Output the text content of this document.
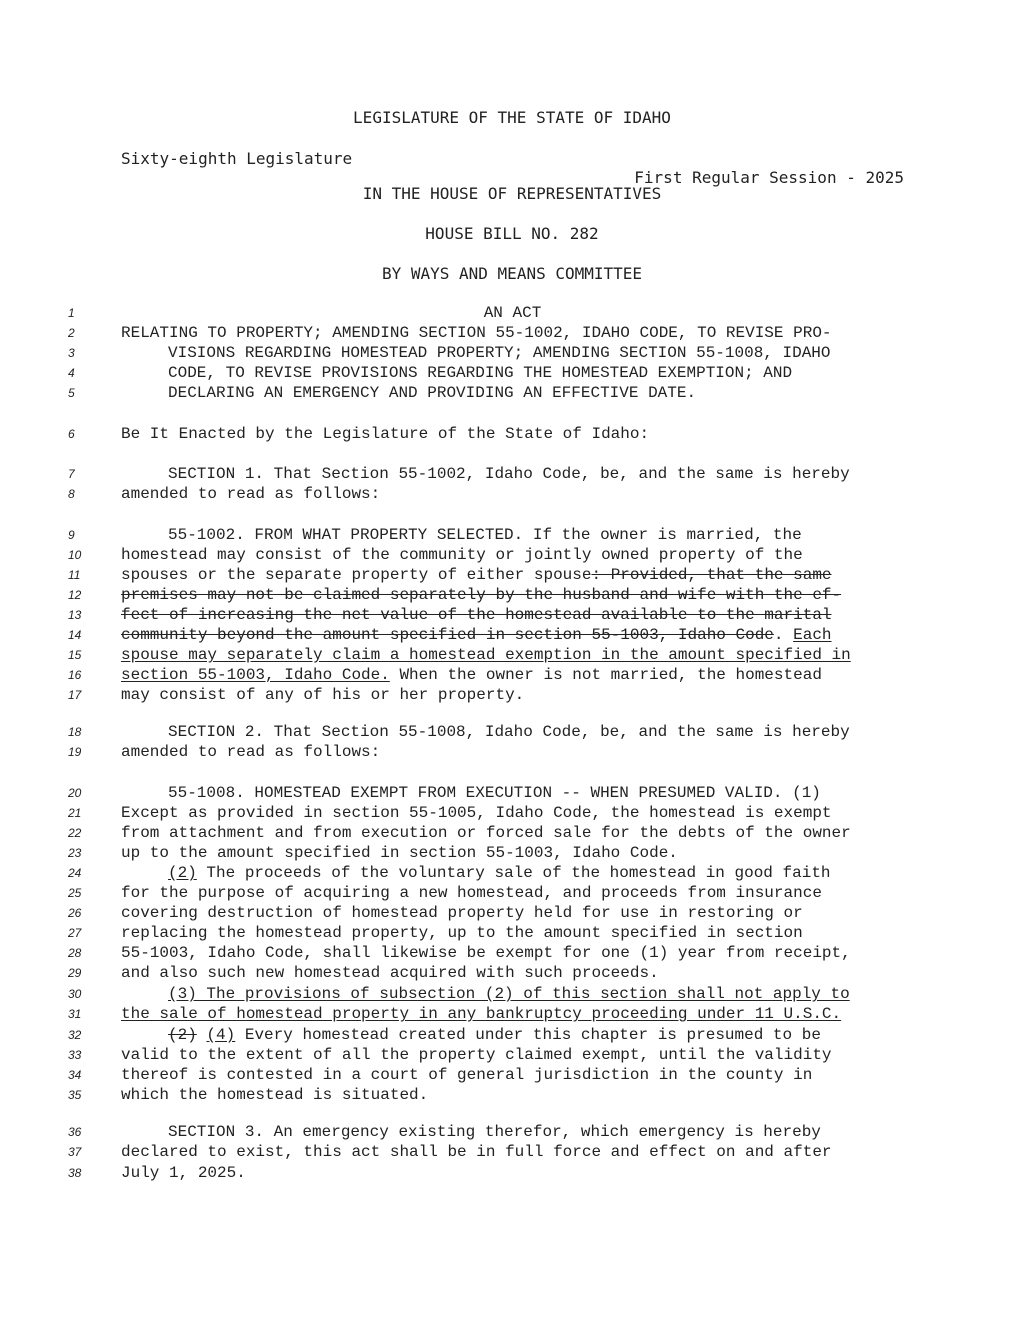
LEGISLATURE OF THE STATE OF IDAHO

Sixty-eighth Legislature

First Regular Session - 2025

IN THE HOUSE OF REPRESENTATIVES
HOUSE BILL NO. 282
BY WAYS AND MEANS COMMITTEE
1	AN ACT
2	RELATING TO PROPERTY; AMENDING SECTION 55-1002, IDAHO CODE, TO REVISE PRO-
3	VISIONS REGARDING HOMESTEAD PROPERTY; AMENDING SECTION 55-1008, IDAHO
4	CODE, TO REVISE PROVISIONS REGARDING THE HOMESTEAD EXEMPTION; AND
5	DECLARING AN EMERGENCY AND PROVIDING AN EFFECTIVE DATE.
6	Be It Enacted by the Legislature of the State of Idaho:
7	SECTION 1. That Section 55-1002, Idaho Code, be, and the same is hereby
8	amended to read as follows:
9	55-1002. FROM WHAT PROPERTY SELECTED. If the owner is married, the
10	homestead may consist of the community or jointly owned property of the
11	spouses or the separate property of either spouse: Provided, that the same
12	premises may not be claimed separately by the husband and wife with the ef-
13	fect of increasing the net value of the homestead available to the marital
14	community beyond the amount specified in section 55-1003, Idaho Code. Each
15	spouse may separately claim a homestead exemption in the amount specified in
16	section 55-1003, Idaho Code. When the owner is not married, the homestead
17	may consist of any of his or her property.
18	SECTION 2. That Section 55-1008, Idaho Code, be, and the same is hereby
19	amended to read as follows:
20	55-1008. HOMESTEAD EXEMPT FROM EXECUTION -- WHEN PRESUMED VALID. (1)
21	Except as provided in section 55-1005, Idaho Code, the homestead is exempt
22	from attachment and from execution or forced sale for the debts of the owner
23	up to the amount specified in section 55-1003, Idaho Code.
24	(2) The proceeds of the voluntary sale of the homestead in good faith
25	for the purpose of acquiring a new homestead, and proceeds from insurance
26	covering destruction of homestead property held for use in restoring or
27	replacing the homestead property, up to the amount specified in section
28	55-1003, Idaho Code, shall likewise be exempt for one (1) year from receipt,
29	and also such new homestead acquired with such proceeds.
30	(3) The provisions of subsection (2) of this section shall not apply to
31	the sale of homestead property in any bankruptcy proceeding under 11 U.S.C.
32	(2) (4) Every homestead created under this chapter is presumed to be
33	valid to the extent of all the property claimed exempt, until the validity
34	thereof is contested in a court of general jurisdiction in the county in
35	which the homestead is situated.
36	SECTION 3. An emergency existing therefor, which emergency is hereby
37	declared to exist, this act shall be in full force and effect on and after
38	July 1, 2025.
